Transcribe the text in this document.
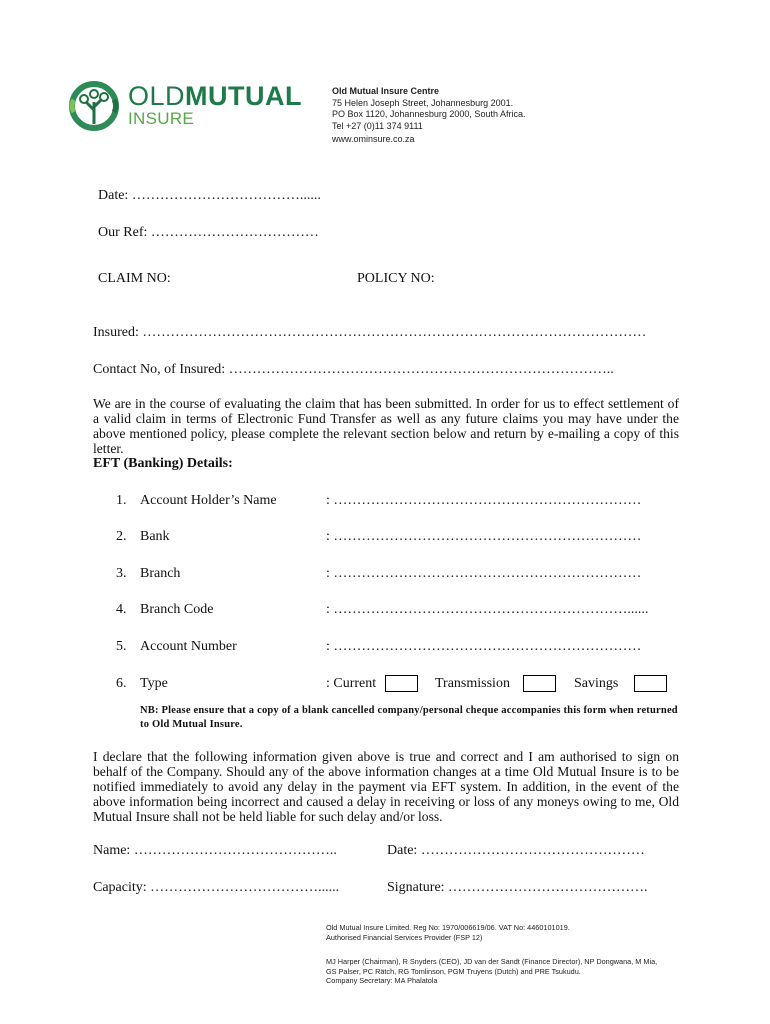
OLDMUTUAL
INSURE
Old Mutual Insure Centre
75 Helen Joseph Street, Johannesburg 2001.
PO Box 1120, Johannesburg 2000, South Africa.
Tel +27 (0)11 374 9111
www.ominsure.co.za
Date: ………………………………......
Our Ref: ………………………………
CLAIM NO:	POLICY NO:
Insured: ………………………………………………………………………………………………
Contact No, of Insured: ………………………………………………………………………..
We are in the course of evaluating the claim that has been submitted. In order for us to effect settlement of a valid claim in terms of Electronic Fund Transfer as well as any future claims you may have under the above mentioned policy, please complete the relevant section below and return by e-mailing a copy of this letter.
EFT (Banking) Details:
1. Account Holder’s Name	: …………………………………………………………
2. Bank	: …………………………………………………………
3. Branch	: …………………………………………………………
4. Branch Code	: ………………………………………………………......
5. Account Number	: …………………………………………………………
6. Type	: Current	Transmission	Savings
NB: Please ensure that a copy of a blank cancelled company/personal cheque accompanies this form when returned to Old Mutual Insure.
I declare that the following information given above is true and correct and I am authorised to sign on behalf of the Company. Should any of the above information changes at a time Old Mutual Insure is to be notified immediately to avoid any delay in the payment via EFT system. In addition, in the event of the above information being incorrect and caused a delay in receiving or loss of any moneys owing to me, Old Mutual Insure shall not be held liable for such delay and/or loss.
Name: ……………………………………..	Date: …………………………………………
Capacity: ………………………………......	Signature: …………………………………….
Old Mutual Insure Limited. Reg No: 1970/006619/06. VAT No: 4460101019.
Authorised Financial Services Provider (FSP 12)
MJ Harper (Chairman), R Snyders (CEO), JD van der Sandt (Finance Director), NP Dongwana, M Mia,
GS Palser, PC Rätch, RG Tomlinson, PGM Truyens (Dutch) and PRE Tsukudu.
Company Secretary: MA Phalatola
